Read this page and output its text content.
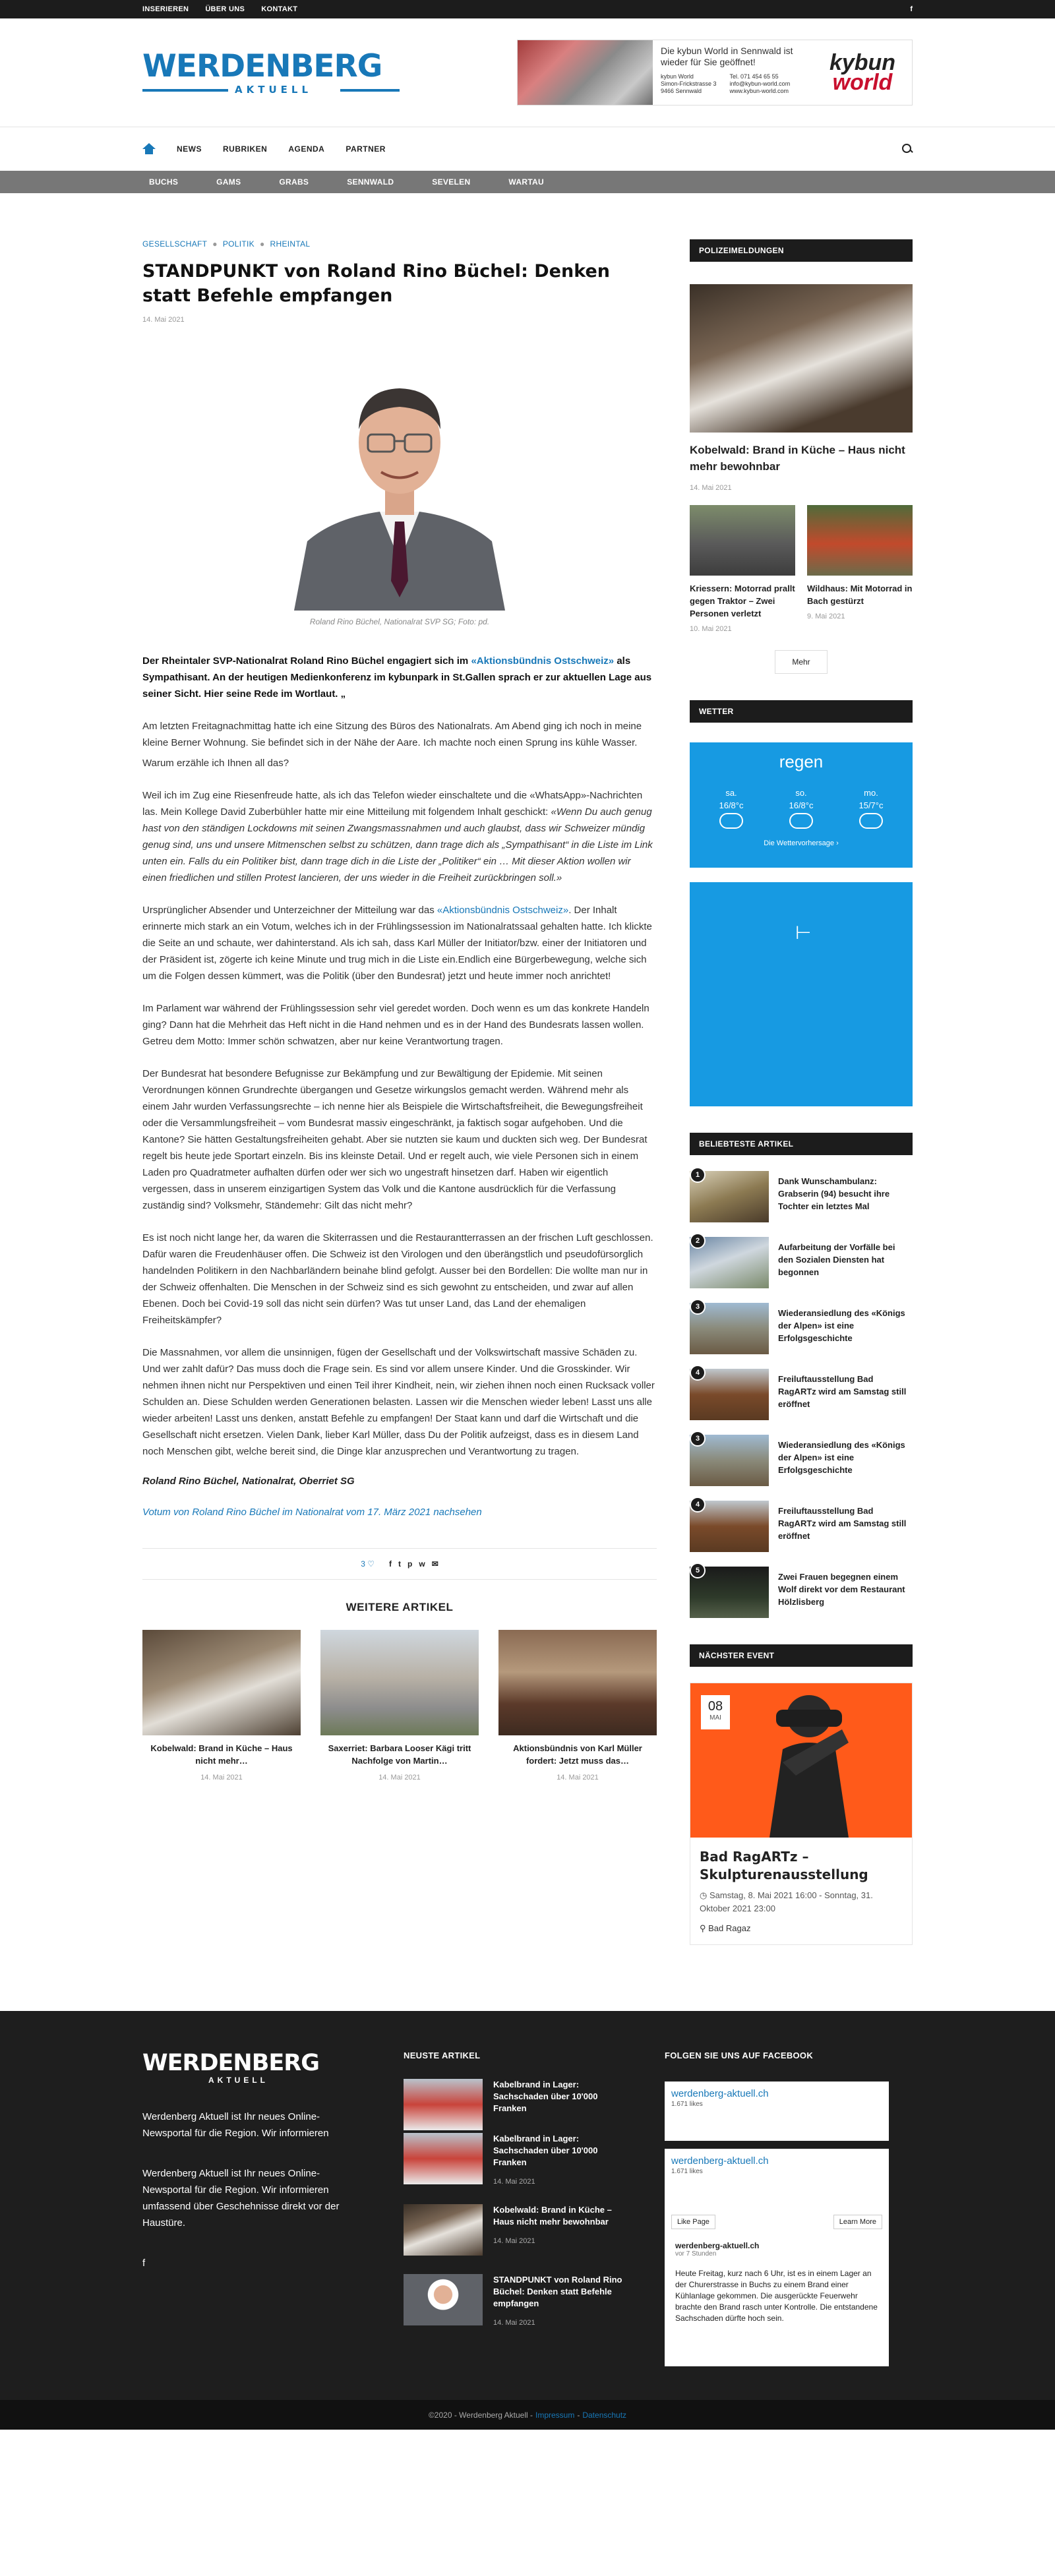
INSERIEREN ÜBER UNS KONTAKT	f
WERDENBERG
AKTUELL
Die kybun World in Sennwald ist wieder für Sie geöffnet!
kybun World
Simon-Frickstrasse 3
9466 Sennwald
Tel. 071 454 65 55
info@kybun-world.com
www.kybun-world.com
kybun
world
NEWS	RUBRIKEN	AGENDA	PARTNER
BUCHS	GAMS	GRABS	SENNWALD	SEVELEN	WARTAU
GESELLSCHAFT ● POLITIK ● RHEINTAL
STANDPUNKT von Roland Rino Büchel: Denken statt Befehle empfangen
14. Mai 2021
Roland Rino Büchel, Nationalrat SVP SG; Foto: pd.
Der Rheintaler SVP-Nationalrat Roland Rino Büchel engagiert sich im «Aktionsbündnis Ostschweiz» als Sympathisant. An der heutigen Medienkonferenz im kybunpark in St.Gallen sprach er zur aktuellen Lage aus seiner Sicht. Hier seine Rede im Wortlaut. „
Am letzten Freitagnachmittag hatte ich eine Sitzung des Büros des Nationalrats. Am Abend ging ich noch in meine kleine Berner Wohnung. Sie befindet sich in der Nähe der Aare. Ich machte noch einen Sprung ins kühle Wasser.
Warum erzähle ich Ihnen all das?
Weil ich im Zug eine Riesenfreude hatte, als ich das Telefon wieder einschaltete und die «WhatsApp»-Nachrichten las. Mein Kollege David Zuberbühler hatte mir eine Mitteilung mit folgendem Inhalt geschickt: «Wenn Du auch genug hast von den ständigen Lockdowns mit seinen Zwangsmassnahmen und auch glaubst, dass wir Schweizer mündig genug sind, uns und unsere Mitmenschen selbst zu schützen, dann trage dich als „Sympathisant“ in die Liste im Link unten ein. Falls du ein Politiker bist, dann trage dich in die Liste der „Politiker“ ein … Mit dieser Aktion wollen wir einen friedlichen und stillen Protest lancieren, der uns wieder in die Freiheit zurückbringen soll.»
Ursprünglicher Absender und Unterzeichner der Mitteilung war das «Aktionsbündnis Ostschweiz». Der Inhalt erinnerte mich stark an ein Votum, welches ich in der Frühlingssession im Nationalratssaal gehalten hatte. Ich klickte die Seite an und schaute, wer dahinterstand. Als ich sah, dass Karl Müller der Initiator/bzw. einer der Initiatoren und der Präsident ist, zögerte ich keine Minute und trug mich in die Liste ein.Endlich eine Bürgerbewegung, welche sich um die Folgen dessen kümmert, was die Politik (über den Bundesrat) jetzt und heute immer noch anrichtet!
Im Parlament war während der Frühlingssession sehr viel geredet worden. Doch wenn es um das konkrete Handeln ging? Dann hat die Mehrheit das Heft nicht in die Hand nehmen und es in der Hand des Bundesrats lassen wollen. Getreu dem Motto: Immer schön schwatzen, aber nur keine Verantwortung tragen.
Der Bundesrat hat besondere Befugnisse zur Bekämpfung und zur Bewältigung der Epidemie. Mit seinen Verordnungen können Grundrechte übergangen und Gesetze wirkungslos gemacht werden. Während mehr als einem Jahr wurden Verfassungsrechte – ich nenne hier als Beispiele die Wirtschaftsfreiheit, die Bewegungsfreiheit oder die Versammlungsfreiheit – vom Bundesrat massiv eingeschränkt, ja faktisch sogar aufgehoben. Und die Kantone? Sie hätten Gestaltungsfreiheiten gehabt. Aber sie nutzten sie kaum und duckten sich weg. Der Bundesrat regelt bis heute jede Sportart einzeln. Bis ins kleinste Detail. Und er regelt auch, wie viele Personen sich in einem Laden pro Quadratmeter aufhalten dürfen oder wer sich wo ungestraft hinsetzen darf. Haben wir eigentlich vergessen, dass in unserem einzigartigen System das Volk und die Kantone ausdrücklich für die Verfassung zuständig sind? Volksmehr, Ständemehr: Gilt das nicht mehr?
Es ist noch nicht lange her, da waren die Skiterrassen und die Restaurantterrassen an der frischen Luft geschlossen. Dafür waren die Freudenhäuser offen. Die Schweiz ist den Virologen und den überängstlich und pseudofürsorglich handelnden Politikern in den Nachbarländern beinahe blind gefolgt. Ausser bei den Bordellen: Die wollte man nur in der Schweiz offenhalten. Die Menschen in der Schweiz sind es sich gewohnt zu entscheiden, und zwar auf allen Ebenen. Doch bei Covid-19 soll das nicht sein dürfen? Was tut unser Land, das Land der ehemaligen Freiheitskämpfer?
Die Massnahmen, vor allem die unsinnigen, fügen der Gesellschaft und der Volkswirtschaft massive Schäden zu. Und wer zahlt dafür? Das muss doch die Frage sein. Es sind vor allem unsere Kinder. Und die Grosskinder. Wir nehmen ihnen nicht nur Perspektiven und einen Teil ihrer Kindheit, nein, wir ziehen ihnen noch einen Rucksack voller Schulden an. Diese Schulden werden Generationen belasten. Lassen wir die Menschen wieder leben! Lasst uns alle wieder arbeiten! Lasst uns denken, anstatt Befehle zu empfangen! Der Staat kann und darf die Wirtschaft und die Gesellschaft nicht ersetzen. Vielen Dank, lieber Karl Müller, dass Du der Politik aufzeigst, dass es in diesem Land noch Menschen gibt, welche bereit sind, die Dinge klar anzusprechen und Verantwortung zu tragen.
Roland Rino Büchel, Nationalrat, Oberriet SG
Votum von Roland Rino Büchel im Nationalrat vom 17. März 2021 nachsehen
3 ♡ f t p w ✉
WEITERE ARTIKEL
Kobelwald: Brand in Küche – Haus nicht mehr…
14. Mai 2021
Saxerriet: Barbara Looser Kägi tritt Nachfolge von Martin…
14. Mai 2021
Aktionsbündnis von Karl Müller fordert: Jetzt muss das…
14. Mai 2021
POLIZEIMELDUNGEN
Kobelwald: Brand in Küche – Haus nicht mehr bewohnbar
14. Mai 2021
Kriessern: Motorrad prallt gegen Traktor – Zwei Personen verletzt
10. Mai 2021
Wildhaus: Mit Motorrad in Bach gestürzt
9. Mai 2021
Mehr
WETTER
regen
sa.
16/8°c
so.
16/8°c
mo.
15/7°c
Die Wettervorhersage ›
⊢
BELIEBTESTE ARTIKEL
1
Dank Wunschambulanz: Grabserin (94) besucht ihre Tochter ein letztes Mal
2
Aufarbeitung der Vorfälle bei den Sozialen Diensten hat begonnen
3
Wiederansiedlung des «Königs der Alpen» ist eine Erfolgsgeschichte
4
Freiluftausstellung Bad RagARTz wird am Samstag still eröffnet
3
Wiederansiedlung des «Königs der Alpen» ist eine Erfolgsgeschichte
4
Freiluftausstellung Bad RagARTz wird am Samstag still eröffnet
5
Zwei Frauen begegnen einem Wolf direkt vor dem Restaurant Hölzlisberg
NÄCHSTER EVENT
08
MAI
Bad RagARTz – Skulpturenausstellung
◷ Samstag, 8. Mai 2021 16:00 - Sonntag, 31. Oktober 2021 23:00
⚲ Bad Ragaz
WERDENBERG
AKTUELL
Werdenberg Aktuell ist Ihr neues Online-Newsportal für die Region. Wir informieren
Werdenberg Aktuell ist Ihr neues Online-Newsportal für die Region. Wir informieren umfassend über Geschehnisse direkt vor der Haustüre.
f
NEUSTE ARTIKEL
Kabelbrand in Lager: Sachschaden über 10'000 Franken
Kabelbrand in Lager: Sachschaden über 10'000 Franken
14. Mai 2021
Kobelwald: Brand in Küche – Haus nicht mehr bewohnbar
14. Mai 2021
STANDPUNKT von Roland Rino Büchel: Denken statt Befehle empfangen
14. Mai 2021
FOLGEN SIE UNS AUF FACEBOOK
werdenberg-aktuell.ch
1.671 likes
werdenberg-aktuell.ch
1.671 likes
Like Page	Learn More
werdenberg-aktuell.ch
vor 7 Stunden
Heute Freitag, kurz nach 6 Uhr, ist es in einem Lager an der Churerstrasse in Buchs zu einem Brand einer Kühlanlage gekommen. Die ausgerückte Feuerwehr brachte den Brand rasch unter Kontrolle. Die entstandene Sachschaden dürfte hoch sein.
©2020 - Werdenberg Aktuell - Impressum - Datenschutz
